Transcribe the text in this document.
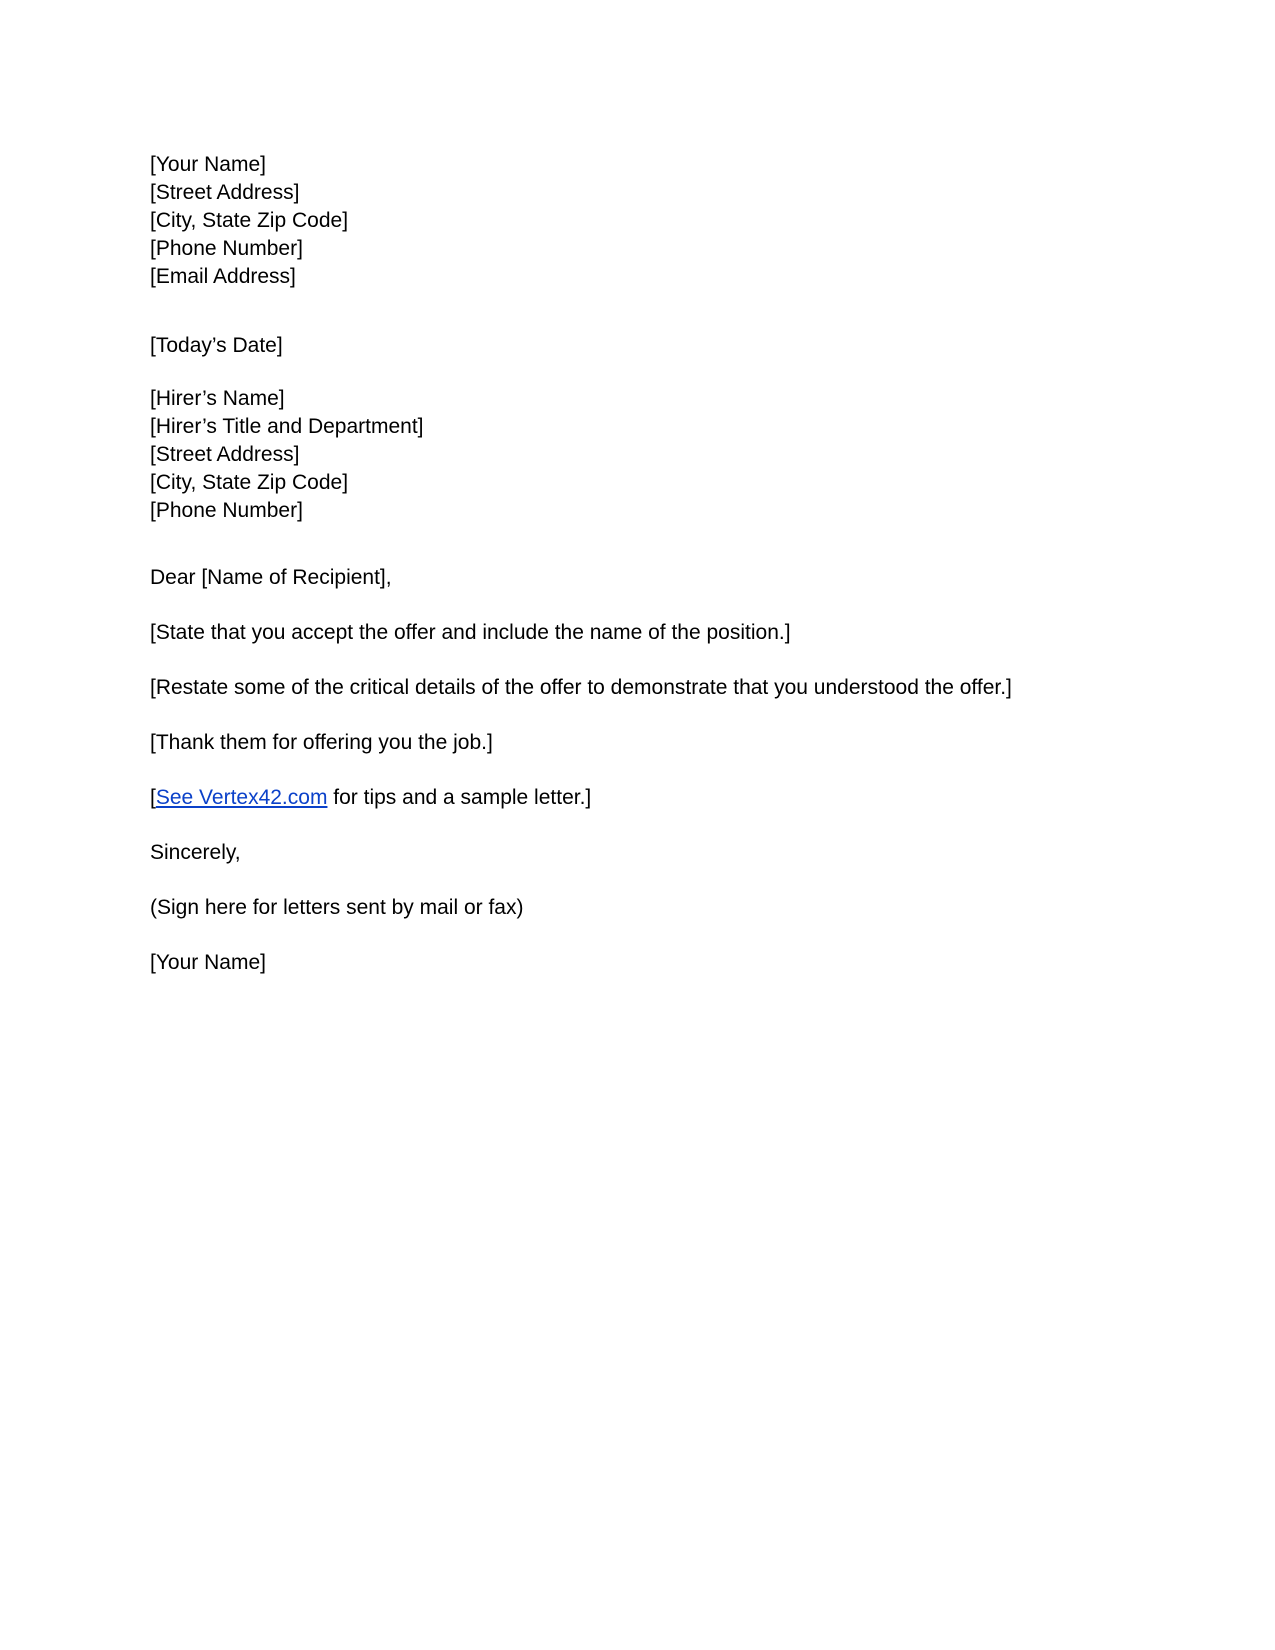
[Your Name]
[Street Address]
[City, State Zip Code]
[Phone Number]
[Email Address]
[Today’s Date]
[Hirer’s Name]
[Hirer’s Title and Department]
[Street Address]
[City, State Zip Code]
[Phone Number]
Dear [Name of Recipient],
[State that you accept the offer and include the name of the position.]
[Restate some of the critical details of the offer to demonstrate that you understood the offer.]
[Thank them for offering you the job.]
[See Vertex42.com for tips and a sample letter.]
Sincerely,
(Sign here for letters sent by mail or fax)
[Your Name]
